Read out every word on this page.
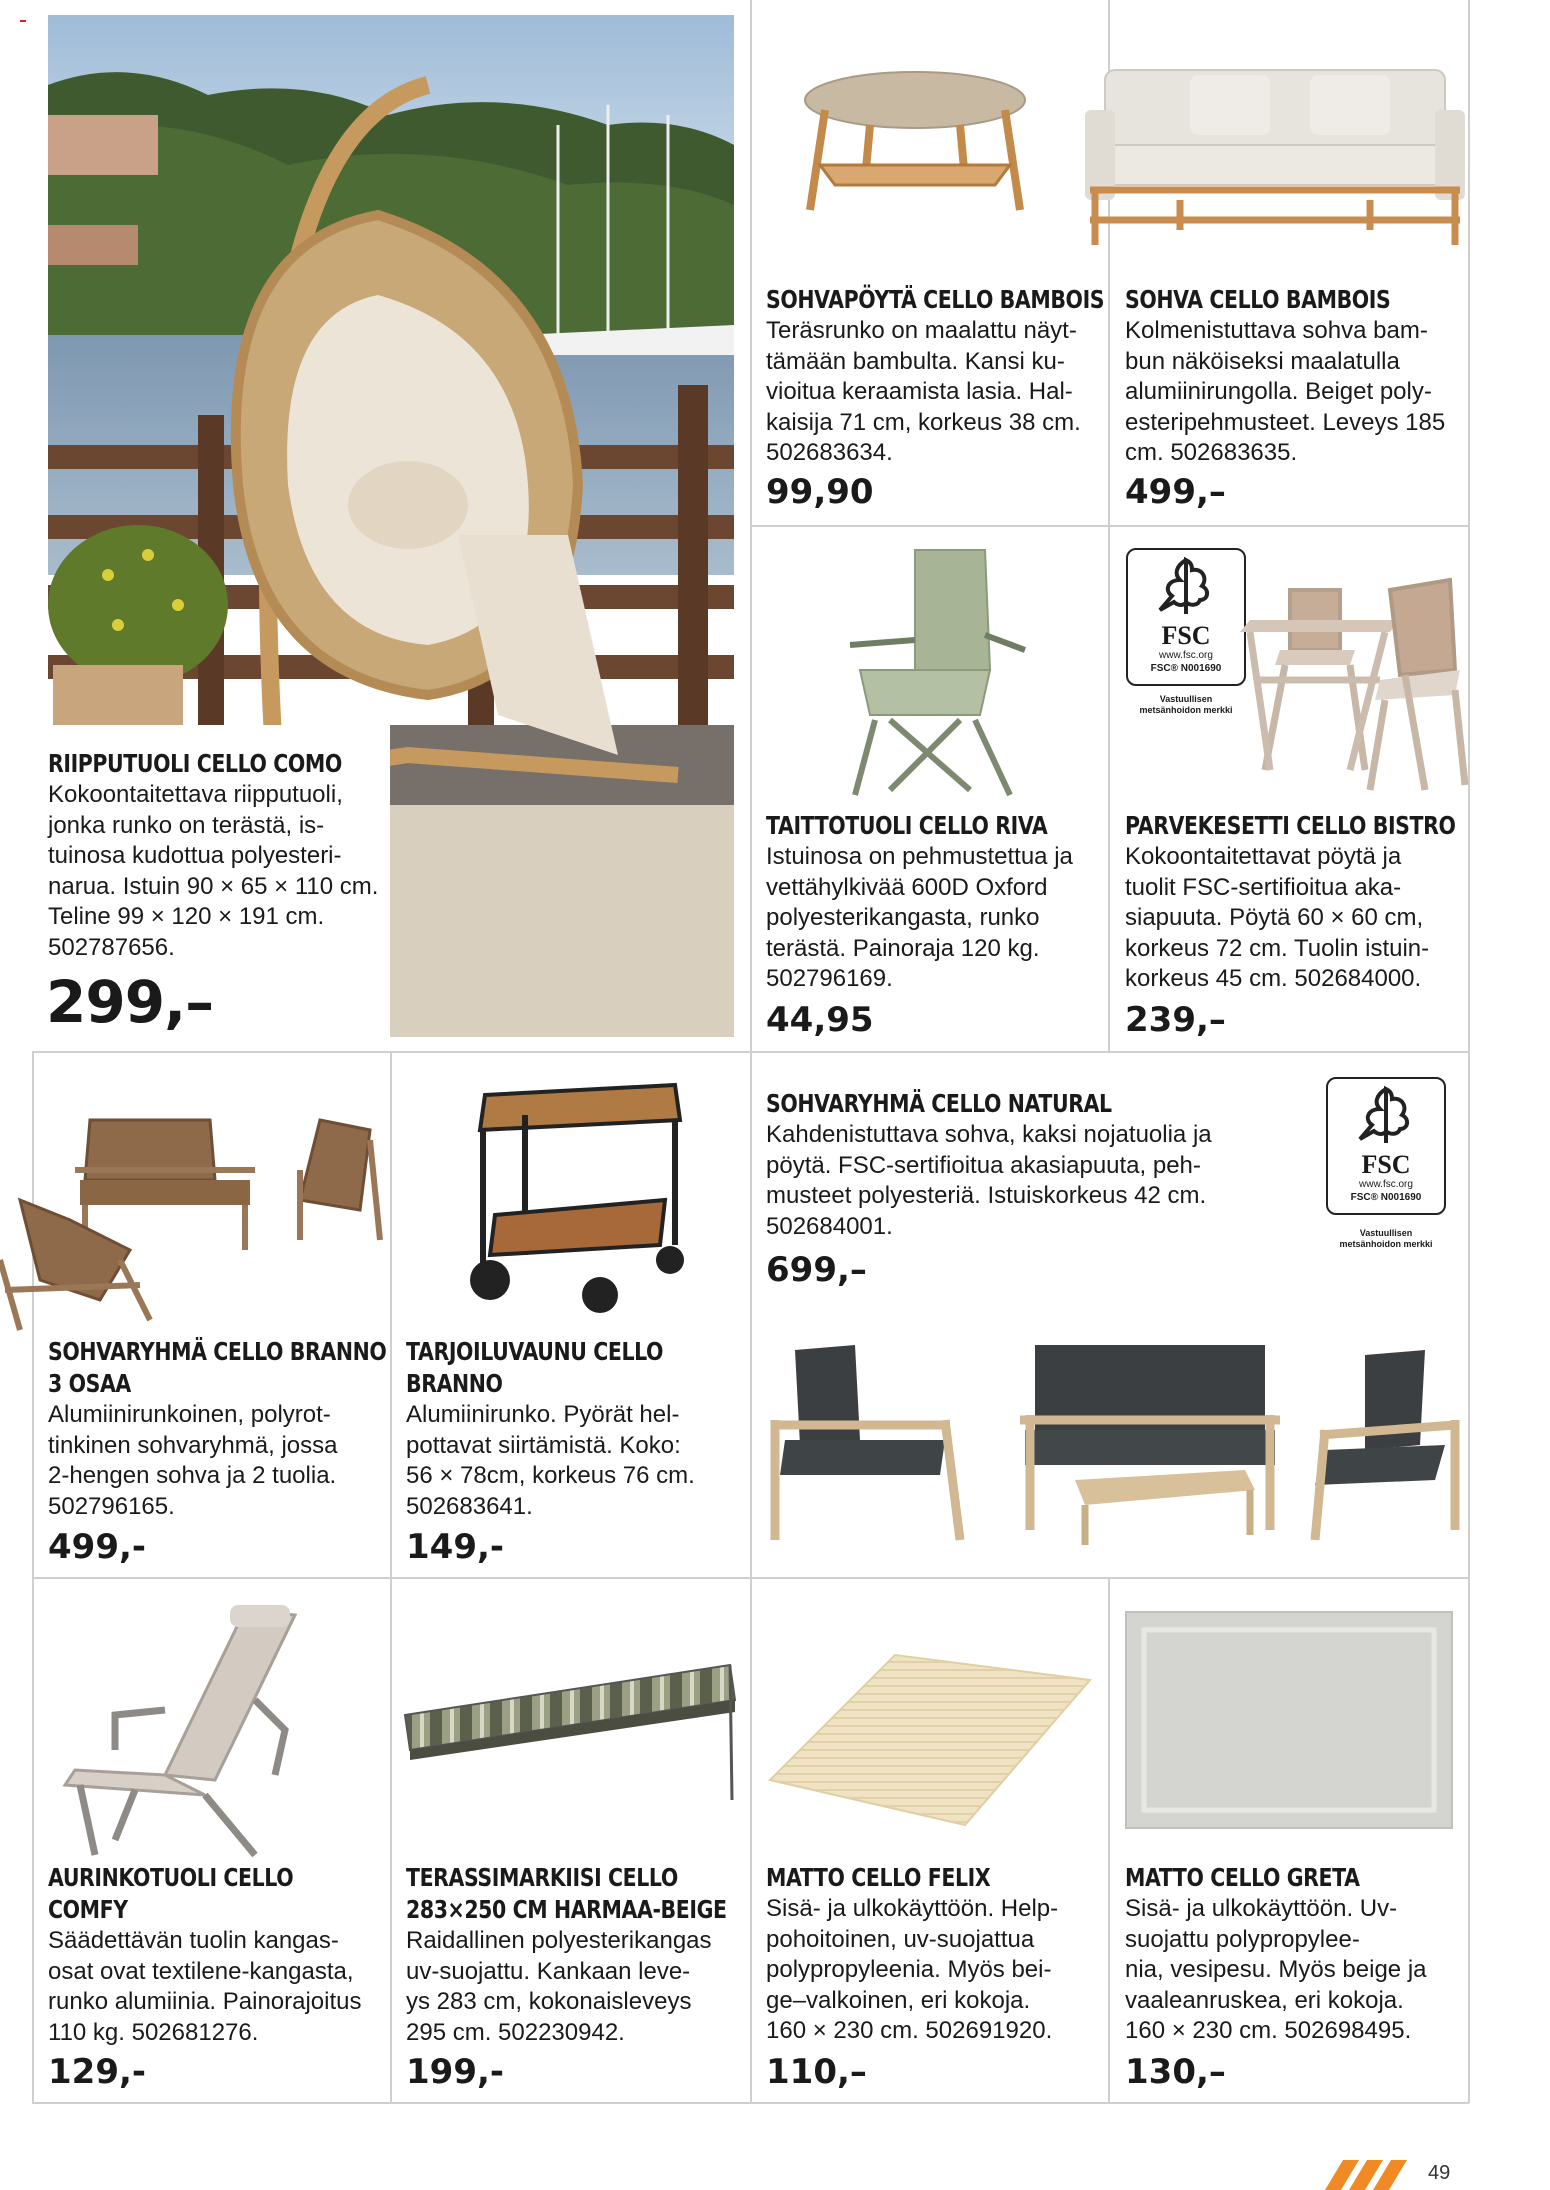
RIIPPUTUOLI CELLO COMO
Kokoontaitettava riipputuoli,
jonka runko on terästä, is-
tuinosa kudottua polyesteri-
narua. Istuin 90 × 65 × 110 cm.
Teline 99 × 120 × 191 cm.
502787656.
299,–
SOHVAPÖYTÄ CELLO BAMBOIS
Teräsrunko on maalattu näyt-
tämään bambulta. Kansi ku-
vioitua keraamista lasia. Hal-
kaisija 71 cm, korkeus 38 cm.
502683634.
99,90
SOHVA CELLO BAMBOIS
Kolmenistuttava sohva bam-
bun näköiseksi maalatulla
alumiinirungolla. Beiget poly-
esteripehmusteet. Leveys 185
cm. 502683635.
499,–
TAITTOTUOLI CELLO RIVA
Istuinosa on pehmustettua ja
vettähylkivää 600D Oxford
polyesterikangasta, runko
terästä. Painoraja 120 kg.
502796169.
44,95
FSC
www.fsc.org
FSC® N001690
Vastuullisen metsänhoidon merkki
PARVEKESETTI CELLO BISTRO
Kokoontaitettavat pöytä ja
tuolit FSC-sertifioitua aka-
siapuuta. Pöytä 60 × 60 cm,
korkeus 72 cm. Tuolin istuin-
korkeus 45 cm. 502684000.
239,–
SOHVARYHMÄ CELLO BRANNO
3 OSAA
Alumiinirunkoinen, polyrot-
tinkinen sohvaryhmä, jossa
2-hengen sohva ja 2 tuolia.
502796165.
499,-
TARJOILUVAUNU CELLO
BRANNO
Alumiinirunko. Pyörät hel-
pottavat siirtämistä. Koko:
56 × 78cm, korkeus 76 cm.
502683641.
149,-
SOHVARYHMÄ CELLO NATURAL
Kahdenistuttava sohva, kaksi nojatuolia ja
pöytä. FSC-sertifioitua akasiapuuta, peh-
musteet polyesteriä. Istuiskorkeus 42 cm.
502684001.
699,–
FSC
www.fsc.org
FSC® N001690
Vastuullisen metsänhoidon merkki
AURINKOTUOLI CELLO
COMFY
Säädettävän tuolin kangas-
osat ovat textilene-kangasta,
runko alumiinia. Painorajoitus
110 kg. 502681276.
129,-
TERASSIMARKIISI CELLO
283×250 CM HARMAA-BEIGE
Raidallinen polyesterikangas
uv-suojattu. Kankaan leve-
ys 283 cm, kokonaisleveys
295 cm. 502230942.
199,-
MATTO CELLO FELIX
Sisä- ja ulkokäyttöön. Help-
pohoitoinen, uv-suojattua
polypropyleenia. Myös bei-
ge–valkoinen, eri kokoja.
160 × 230 cm. 502691920.
110,–
MATTO CELLO GRETA
Sisä- ja ulkokäyttöön. Uv-
suojattu polypropylee-
nia, vesipesu. Myös beige ja
vaaleanruskea, eri kokoja.
160 × 230 cm. 502698495.
130,–
49
